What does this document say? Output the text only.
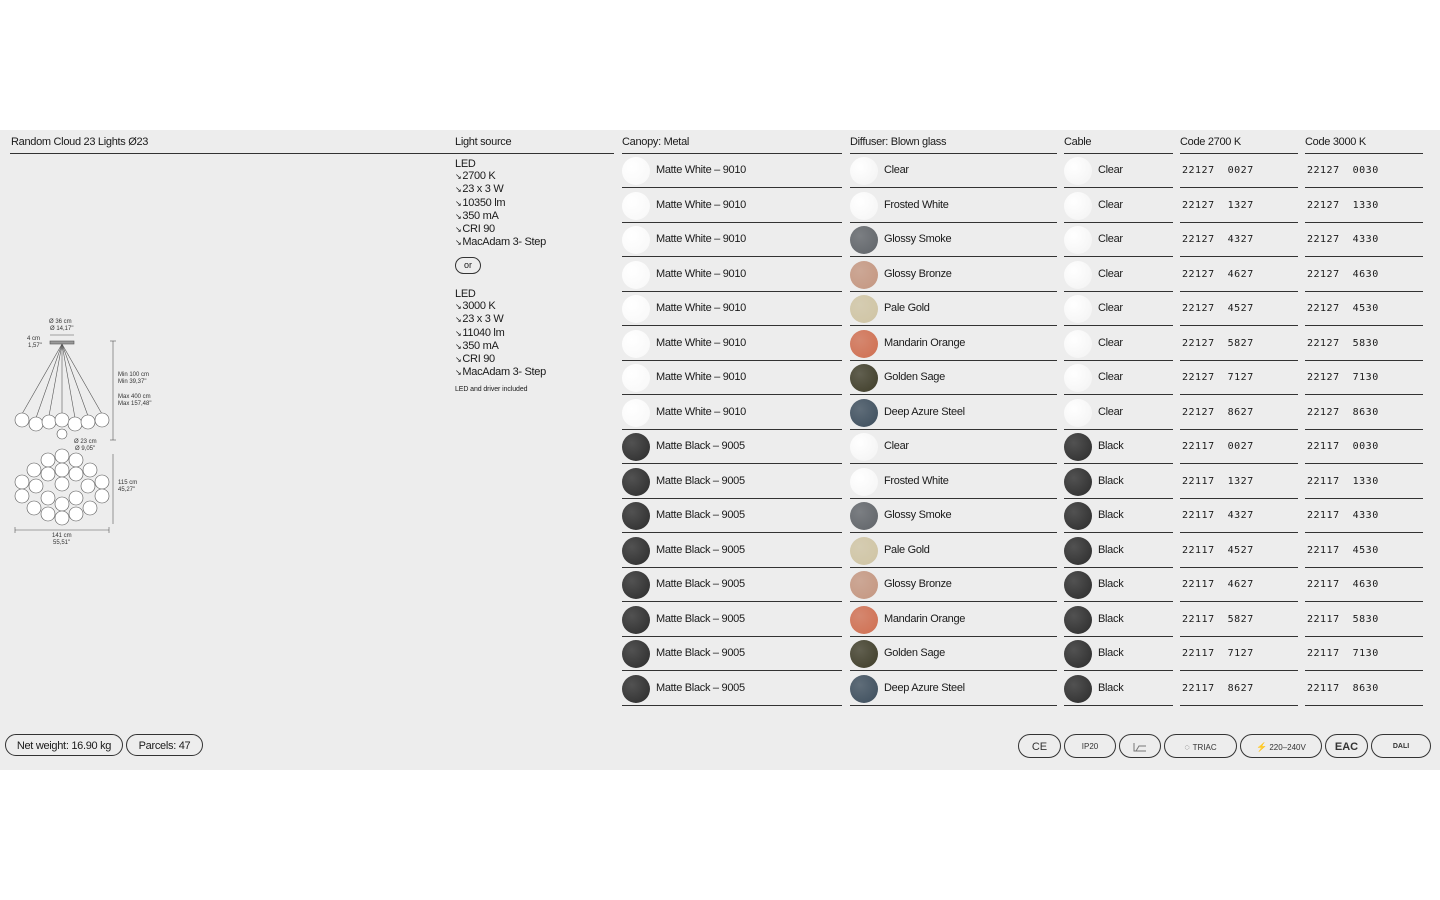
Random Cloud 23 Lights Ø23	Light source	Canopy: Metal	Diffuser: Blown glass	Cable	Code 2700 K	Code 3000 K
LED
↘ 2700 K
↘ 23 x 3 W
↘ 10350 lm
↘ 350 mA
↘ CRI 90
↘ MacAdam 3- Step
or
LED
↘ 3000 K
↘ 23 x 3 W
↘ 11040 lm
↘ 350 mA
↘ CRI 90
↘ MacAdam 3- Step
LED and driver included
Ø 36 cm
Ø 14,17"
4 cm
1,57"
Min 100 cm
Min 39,37"
Max 400 cm
Max 157,48"
Ø 23 cm
Ø 9,05"
115 cm
45,27"
141 cm
55,51"
Matte White – 9010	Clear	Clear	22127  0027	22127  0030
Matte White – 9010	Frosted White	Clear	22127  1327	22127  1330
Matte White – 9010	Glossy Smoke	Clear	22127  4327	22127  4330
Matte White – 9010	Glossy Bronze	Clear	22127  4627	22127  4630
Matte White – 9010	Pale Gold	Clear	22127  4527	22127  4530
Matte White – 9010	Mandarin Orange	Clear	22127  5827	22127  5830
Matte White – 9010	Golden Sage	Clear	22127  7127	22127  7130
Matte White – 9010	Deep Azure Steel	Clear	22127  8627	22127  8630
Matte Black – 9005	Clear	Black	22117  0027	22117  0030
Matte Black – 9005	Frosted White	Black	22117  1327	22117  1330
Matte Black – 9005	Glossy Smoke	Black	22117  4327	22117  4330
Matte Black – 9005	Pale Gold	Black	22117  4527	22117  4530
Matte Black – 9005	Glossy Bronze	Black	22117  4627	22117  4630
Matte Black – 9005	Mandarin Orange	Black	22117  5827	22117  5830
Matte Black – 9005	Golden Sage	Black	22117  7127	22117  7130
Matte Black – 9005	Deep Azure Steel	Black	22117  8627	22117  8630
Net weight: 16.90 kg	Parcels: 47	CE	IP20	◌ TRIAC	⚡ 220–240V	EAC	DALI
